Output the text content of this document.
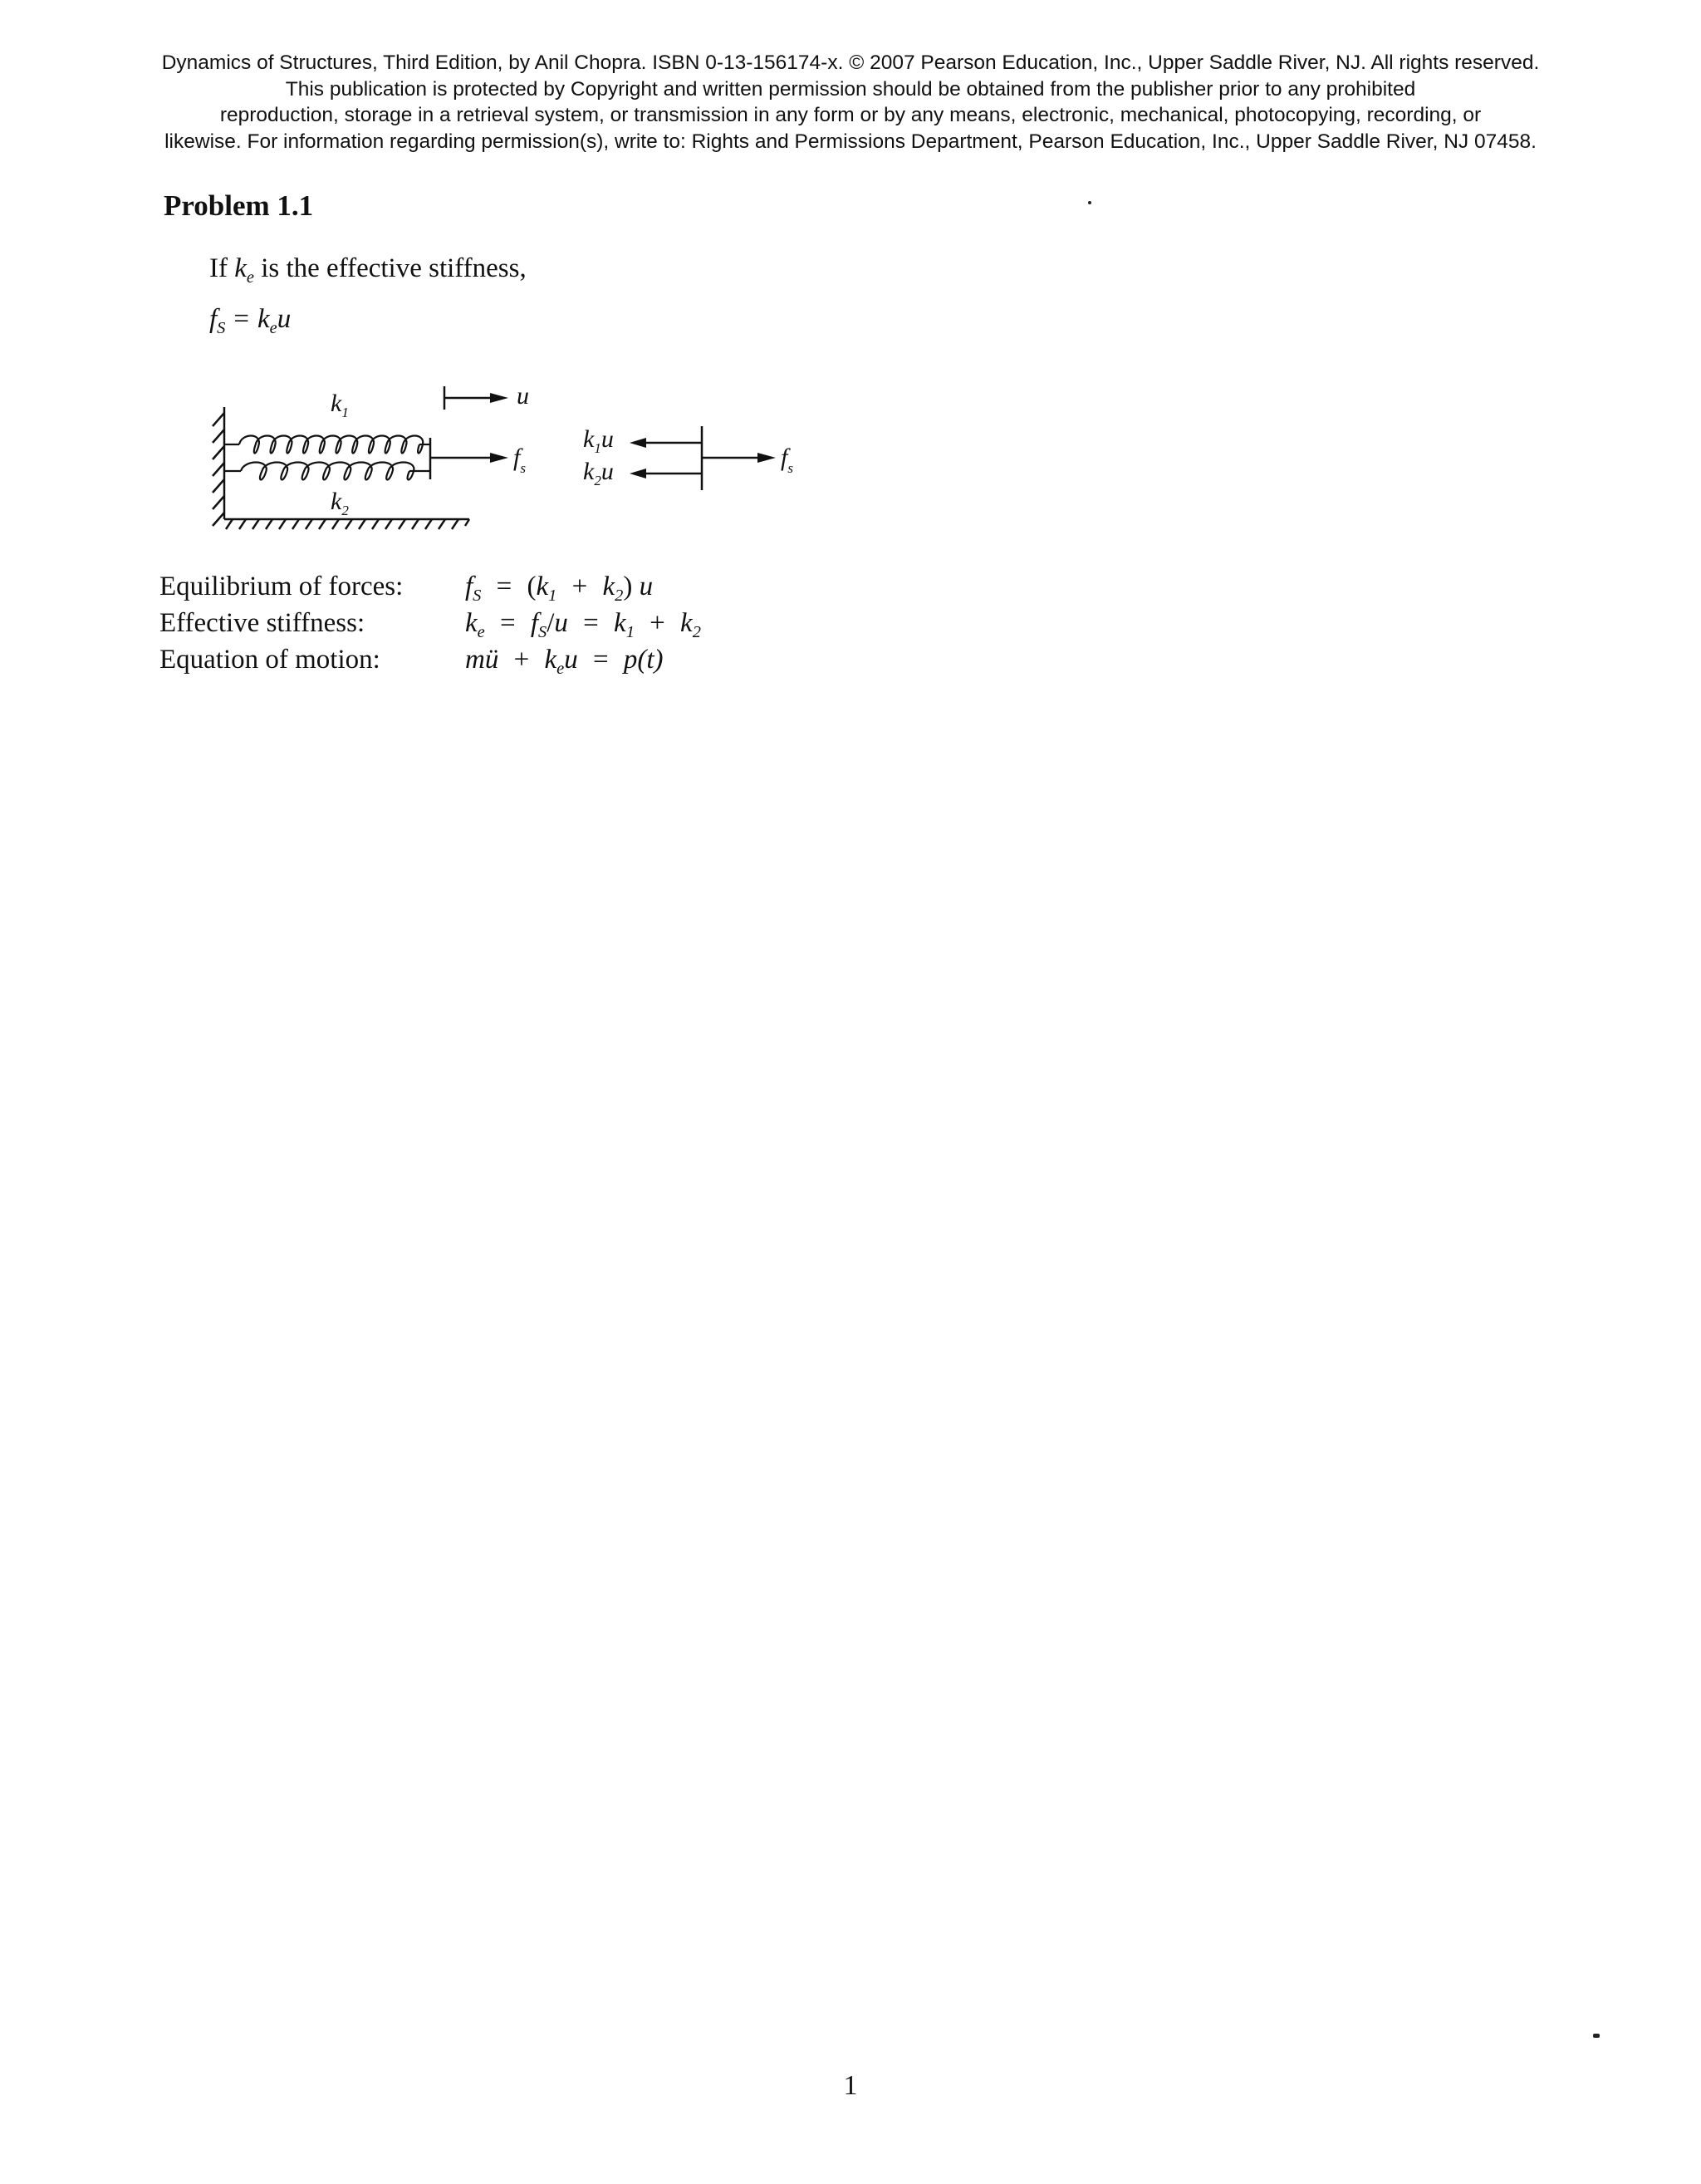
Dynamics of Structures, Third Edition, by Anil Chopra. ISBN 0-13-156174-x. © 2007 Pearson Education, Inc., Upper Saddle River, NJ. All rights reserved.
This publication is protected by Copyright and written permission should be obtained from the publisher prior to any prohibited
reproduction, storage in a retrieval system, or transmission in any form or by any means, electronic, mechanical, photocopying, recording, or
likewise. For information regarding permission(s), write to: Rights and Permissions Department, Pearson Education, Inc., Upper Saddle River, NJ 07458.
Problem 1.1
If $k_e$ is the effective stiffness,
$f_S = k_eu$
$k_1$
$k_2$
u
$f_s$
$k_1u$
$k_2u$
$f_s$
Equilibrium of forces:	$f_S = (k_1 + k_2)$ u
Effective stiffness:	$k_e = f_S/u = k_1 + k_2$
Equation of motion:	mü + $k_eu = p(t)$
1
